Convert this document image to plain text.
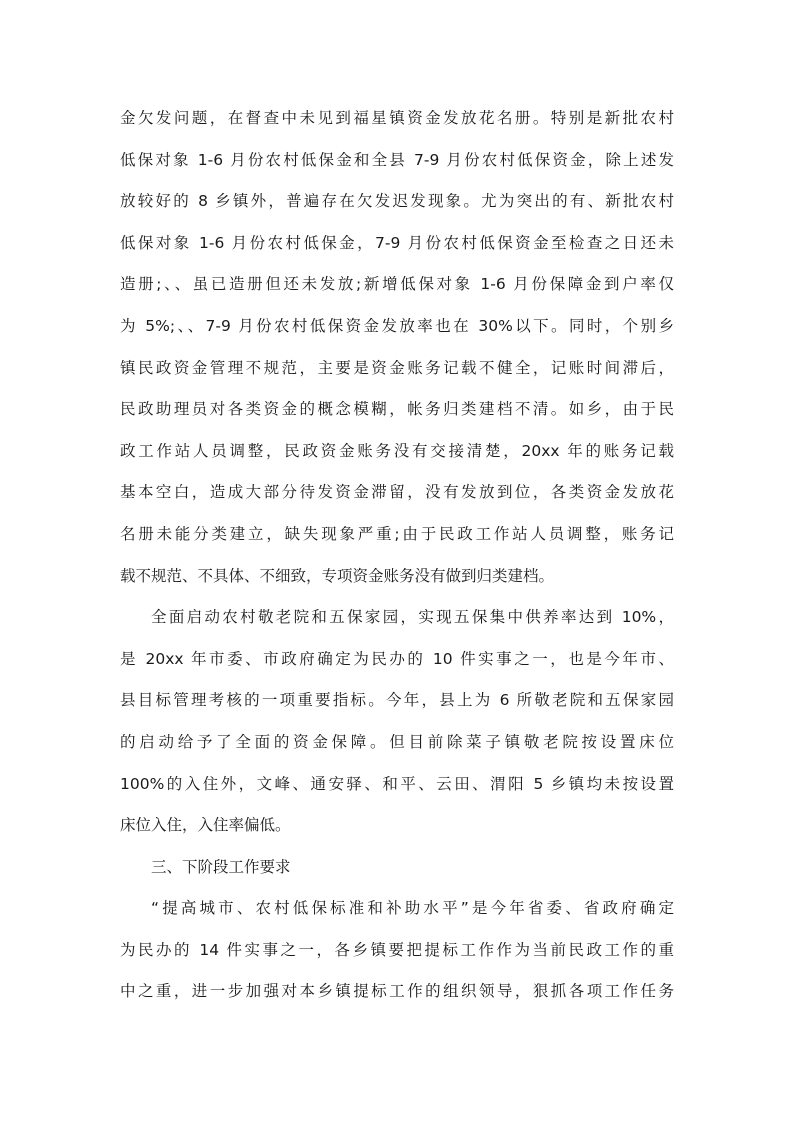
金欠发问题，在督查中未见到福星镇资金发放花名册。特别是新批农村
低保对象 1-6 月份农村低保金和全县 7-9 月份农村低保资金，除上述发
放较好的 8 乡镇外，普遍存在欠发迟发现象。尤为突出的有、新批农村
低保对象 1-6 月份农村低保金，7-9 月份农村低保资金至检查之日还未
造册;、、虽已造册但还未发放;新增低保对象 1-6 月份保障金到户率仅
为 5%;、、7-9 月份农村低保资金发放率也在 30%以下。同时，个别乡
镇民政资金管理不规范，主要是资金账务记载不健全，记账时间滞后，
民政助理员对各类资金的概念模糊，帐务归类建档不清。如乡，由于民
政工作站人员调整，民政资金账务没有交接清楚，20xx 年的账务记载
基本空白，造成大部分待发资金滞留，没有发放到位，各类资金发放花
名册未能分类建立，缺失现象严重;由于民政工作站人员调整，账务记
载不规范、不具体、不细致，专项资金账务没有做到归类建档。
全面启动农村敬老院和五保家园，实现五保集中供养率达到 10%，
是 20xx 年市委、市政府确定为民办的 10 件实事之一，也是今年市、
县目标管理考核的一项重要指标。今年，县上为 6 所敬老院和五保家园
的启动给予了全面的资金保障。但目前除菜子镇敬老院按设置床位
100%的入住外，文峰、通安驿、和平、云田、渭阳 5 乡镇均未按设置
床位入住，入住率偏低。
三、下阶段工作要求
“提高城市、农村低保标准和补助水平”是今年省委、省政府确定
为民办的 14 件实事之一，各乡镇要把提标工作作为当前民政工作的重
中之重，进一步加强对本乡镇提标工作的组织领导，狠抓各项工作任务
